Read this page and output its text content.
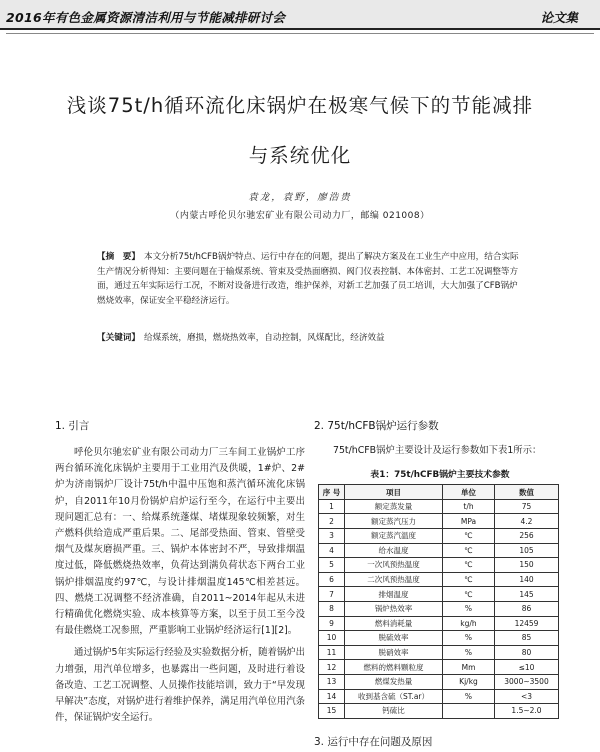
2016年有色金属资源清洁利用与节能减排研讨会	论文集
浅谈75t/h循环流化床锅炉在极寒气候下的节能减排
与系统优化
袁龙，袁野，廖浩贵
（内蒙古呼伦贝尔驰宏矿业有限公司动力厂，邮编 021008）
【摘　要】 本文分析75t/hCFB锅炉特点、运行中存在的问题，提出了解决方案及在工业生产中应用，结合实际生产情况分析得知：主要问题在于输煤系统、管束及受热面磨损、阀门仪表控制、本体密封、工艺工况调整等方面，通过五年实际运行工况，不断对设备进行改造，维护保养，对新工艺加强了员工培训，大大加强了CFB锅炉燃烧效率，保证安全平稳经济运行。
【关键词】 给煤系统，磨损，燃烧热效率，自动控制，风煤配比，经济效益
1. 引言

呼伦贝尔驰宏矿业有限公司动力厂三车间工业锅炉工序两台循环流化床锅炉主要用于工业用汽及供暖，1#炉、2#炉为济南锅炉厂设计75t/h中温中压饱和蒸汽循环流化床锅炉，自2011年10月份锅炉启炉运行至今，在运行中主要出现问题汇总有：一、给煤系统蓬煤、堵煤现象较频繁，对生产燃料供给造成严重后果。二、尾部受热面、管束、管壁受烟气及煤灰磨损严重。三、锅炉本体密封不严，导致排烟温度过低，降低燃烧热效率，负荷达到满负荷状态下两台工业锅炉排烟温度约97℃，与设计排烟温度145℃相差甚远。四、燃烧工况调整不经济准确，自2011~2014年起从未进行精确优化燃烧实验、成本核算等方案，以至于员工至今没有最佳燃烧工况参照，严重影响工业锅炉经济运行[1][2]。

通过锅炉5年实际运行经验及实验数据分析，随着锅炉出力增强，用汽单位增多，也暴露出一些问题，及时进行着设备改造、工艺工况调整、人员操作技能培训，致力于“早发现早解决”态度，对锅炉进行着维护保养，满足用汽单位用汽条件，保证锅炉安全运行。

2. 75t/hCFB锅炉运行参数

75t/hCFB锅炉主要设计及运行参数如下表1所示：

表1：75t/hCFB锅炉主要技术参数
序 号	项目	单位	数值
1	额定蒸发量	t/h	75
2	额定蒸汽压力	MPa	4.2
3	额定蒸汽温度	℃	256
4	给水温度	℃	105
5	一次风预热温度	℃	150
6	二次风预热温度	℃	140
7	排烟温度	℃	145
8	锅炉热效率	%	86
9	燃料消耗量	kg/h	12459
10	脱硫效率	%	85
11	脱硝效率	%	80
12	燃料的燃料颗粒度	Mm	≤10
13	燃煤发热量	Kj/kg	3000~3500
14	收到基含硫（ST.ar）	%	<3
15	钙硫比		1.5~2.0
3. 运行中存在问题及原因
